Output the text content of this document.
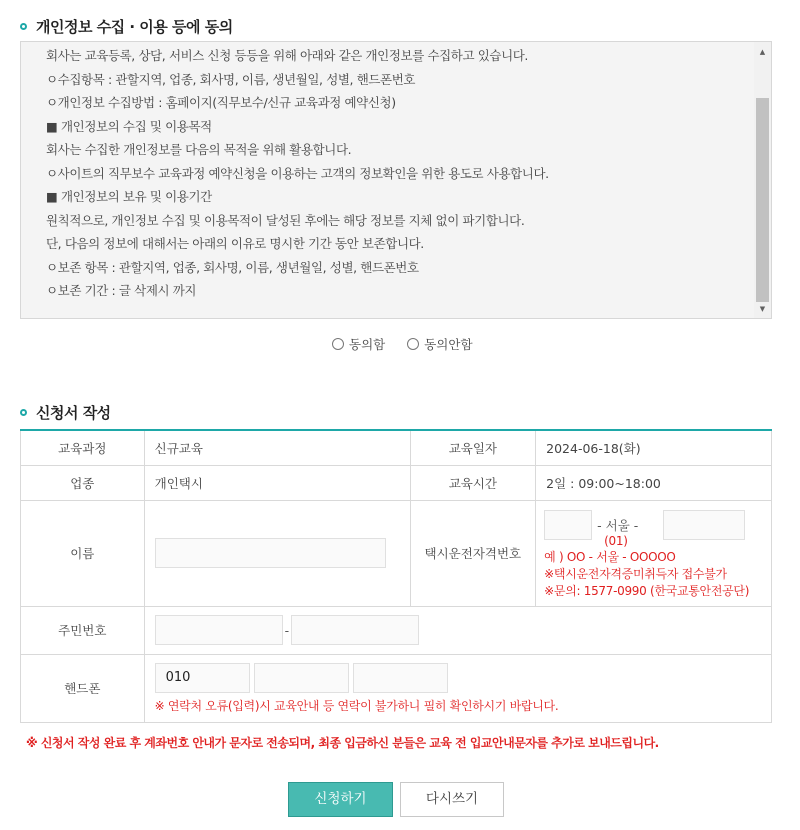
개인정보 수집 · 이용 등에 동의
회사는 교육등록, 상담, 서비스 신청 등등을 위해 아래와 같은 개인정보를 수집하고 있습니다.
ㅇ수집항목 : 관할지역, 업종, 회사명, 이름, 생년월일, 성별, 핸드폰번호
ㅇ개인정보 수집방법 : 홈페이지(직무보수/신규 교육과정 예약신청)
■ 개인정보의 수집 및 이용목적
회사는 수집한 개인정보를 다음의 목적을 위해 활용합니다.
ㅇ사이트의 직무보수 교육과정 예약신청을 이용하는 고객의 정보확인을 위한 용도로 사용합니다.
■ 개인정보의 보유 및 이용기간
원칙적으로, 개인정보 수집 및 이용목적이 달성된 후에는 해당 정보를 지체 없이 파기합니다.
단, 다음의 정보에 대해서는 아래의 이유로 명시한 기간 동안 보존합니다.
ㅇ보존 항목 : 관할지역, 업종, 회사명, 이름, 생년월일, 성별, 핸드폰번호
ㅇ보존 기간 : 글 삭제시 까지
▲
▼
동의함	동의안함
신청서 작성
교육과정	신규교육	교육일자	2024-06-18(화)
업종	개인택시	교육시간	2일 : 09:00~18:00
이름		택시운전자격번호	- 서울 -
(01)
예 ) OO - 서울 - OOOOO
※택시운전자격증미취득자 접수불가
※문의: 1577-0990 (한국교통안전공단)

주민번호	-		
핸드폰	010
※ 연락처 오류(입력)시 교육안내 등 연락이 불가하니 필히 확인하시기 바랍니다.		
※ 신청서 작성 완료 후 계좌번호 안내가 문자로 전송되며, 최종 입금하신 분들은 교육 전 입교안내문자를 추가로 보내드립니다.
신청하기	다시쓰기
